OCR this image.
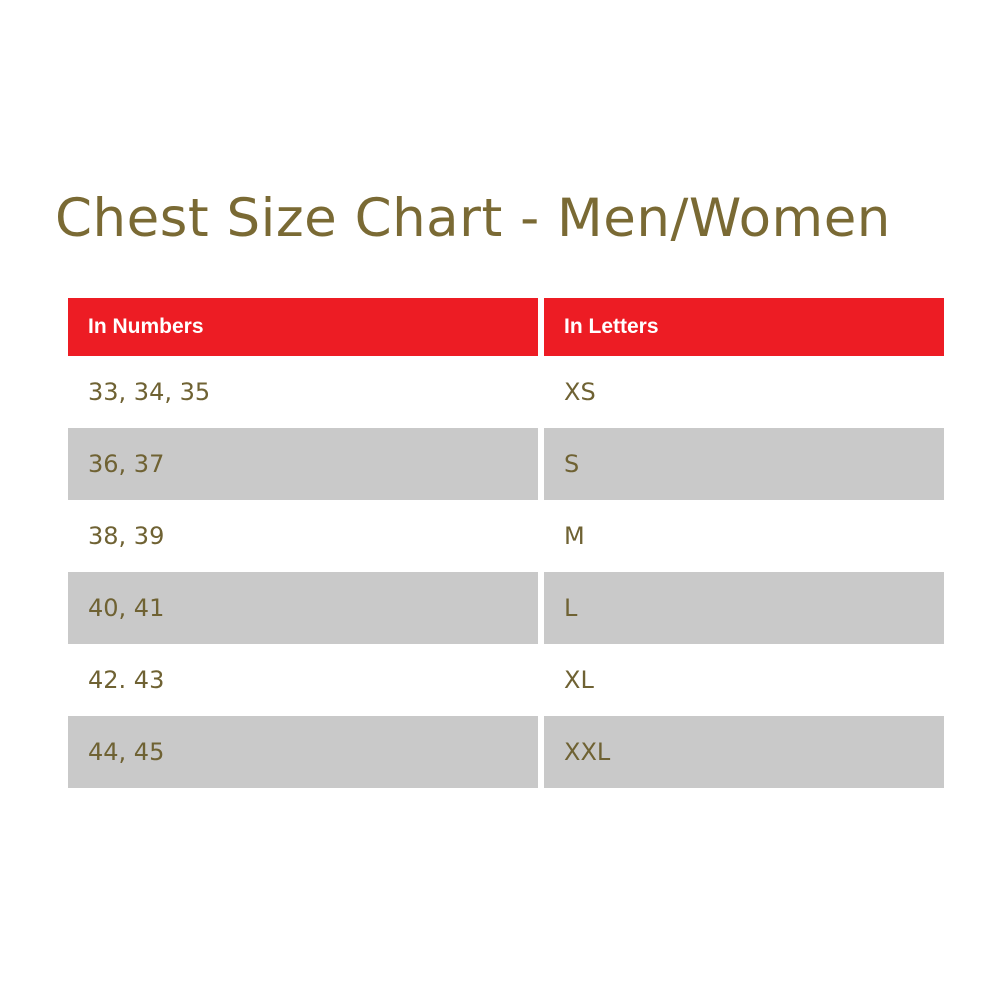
Chest Size Chart - Men/Women
In Numbers	In Letters
33, 34, 35	XS
36, 37	S
38, 39	M
40, 41	L
42. 43	XL
44, 45	XXL
